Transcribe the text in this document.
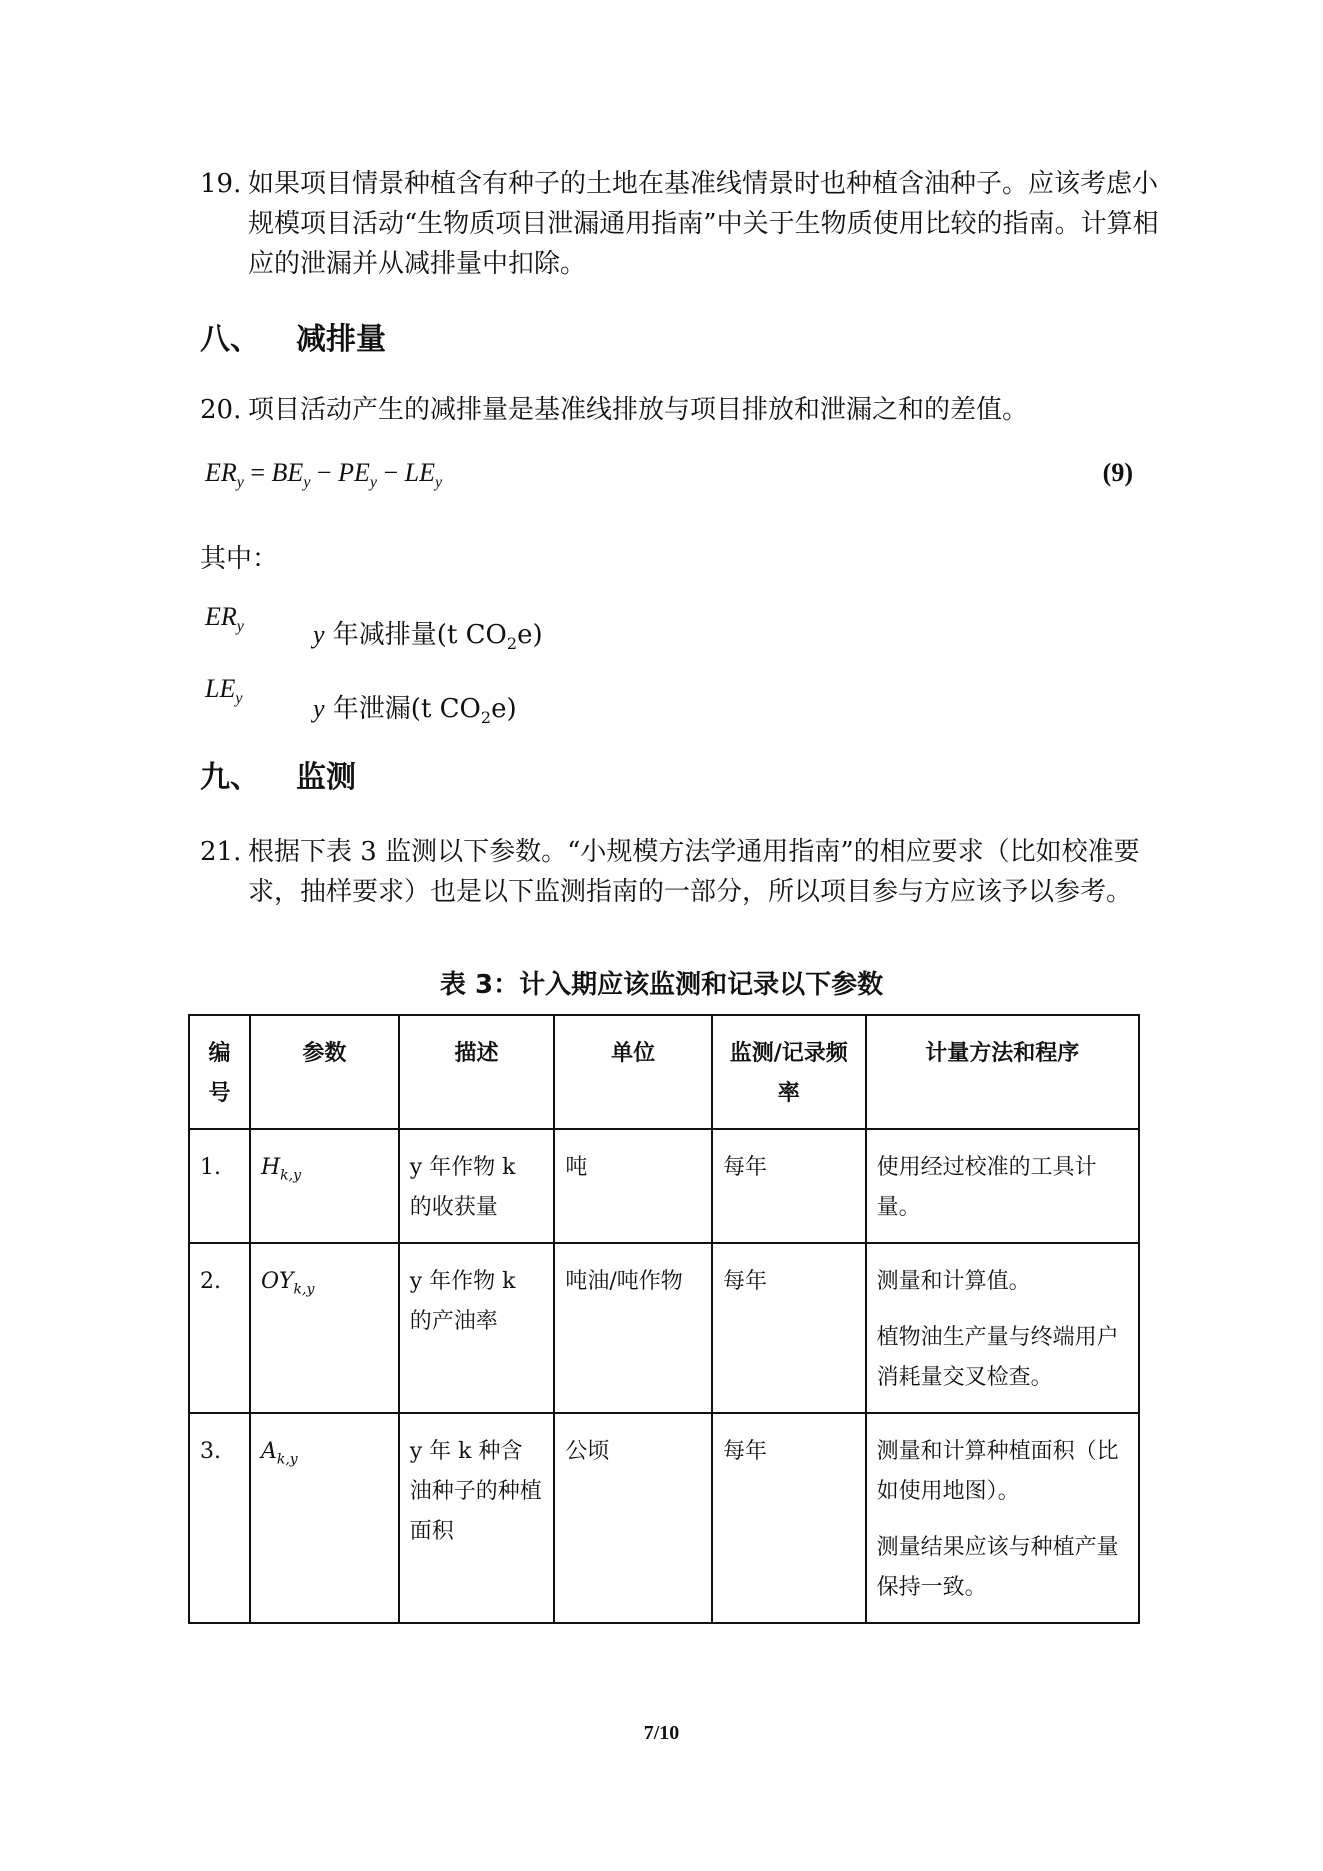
19. 如果项目情景种植含有种子的土地在基准线情景时也种植含油种子。应该考虑小规模项目活动“生物质项目泄漏通用指南”中关于生物质使用比较的指南。计算相应的泄漏并从减排量中扣除。
八、 减排量
20. 项目活动产生的减排量是基准线排放与项目排放和泄漏之和的差值。
$ER_y = BE_y - PE_y - LE_y$	(9)
其中：
$ER_y$	y 年减排量(t $CO_2e$)
$LE_y$	y 年泄漏(t $CO_2e$)
九、 监测
21. 根据下表 3 监测以下参数。“小规模方法学通用指南”的相应要求（比如校准要求，抽样要求）也是以下监测指南的一部分，所以项目参与方应该予以参考。
表 3：计入期应该监测和记录以下参数
编号	参数	描述	单位	监测/记录频率	计量方法和程序
1.	$H_{k,y}$	y 年作物 k 的收获量	吨	每年	使用经过校准的工具计量。

2.	$OY_{k,y}$	y 年作物 k 的产油率	吨油/吨作物	每年	测量和计算值。

植物油生产量与终端用户消耗量交叉检查。

3.	$A_{k,y}$	y 年 k 种含油种子的种植面积	公顷	每年	测量和计算种植面积（比如使用地图）。

测量结果应该与种植产量保持一致。

7/10
